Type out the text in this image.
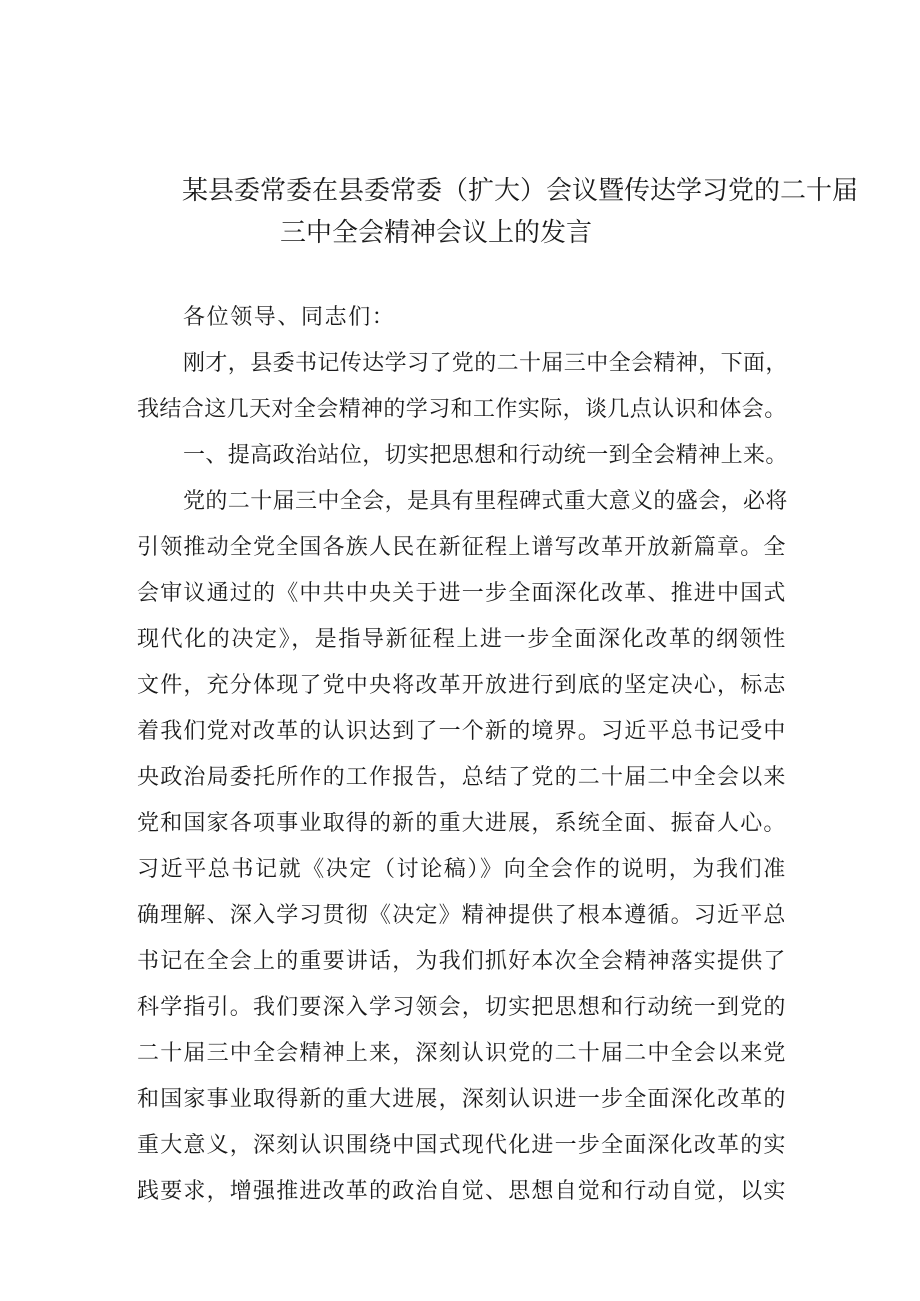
某县委常委在县委常委（扩大）会议暨传达学习党的二十届
三中全会精神会议上的发言
各位领导、同志们：
刚才，县委书记传达学习了党的二十届三中全会精神，下面，
我结合这几天对全会精神的学习和工作实际，谈几点认识和体会。
一、提高政治站位，切实把思想和行动统一到全会精神上来。
党的二十届三中全会，是具有里程碑式重大意义的盛会，必将
引领推动全党全国各族人民在新征程上谱写改革开放新篇章。全
会审议通过的《中共中央关于进一步全面深化改革、推进中国式
现代化的决定》，是指导新征程上进一步全面深化改革的纲领性
文件，充分体现了党中央将改革开放进行到底的坚定决心，标志
着我们党对改革的认识达到了一个新的境界。习近平总书记受中
央政治局委托所作的工作报告，总结了党的二十届二中全会以来
党和国家各项事业取得的新的重大进展，系统全面、振奋人心。
习近平总书记就《决定（讨论稿）》向全会作的说明，为我们准
确理解、深入学习贯彻《决定》精神提供了根本遵循。习近平总
书记在全会上的重要讲话，为我们抓好本次全会精神落实提供了
科学指引。我们要深入学习领会，切实把思想和行动统一到党的
二十届三中全会精神上来，深刻认识党的二十届二中全会以来党
和国家事业取得新的重大进展，深刻认识进一步全面深化改革的
重大意义，深刻认识围绕中国式现代化进一步全面深化改革的实
践要求，增强推进改革的政治自觉、思想自觉和行动自觉，以实
